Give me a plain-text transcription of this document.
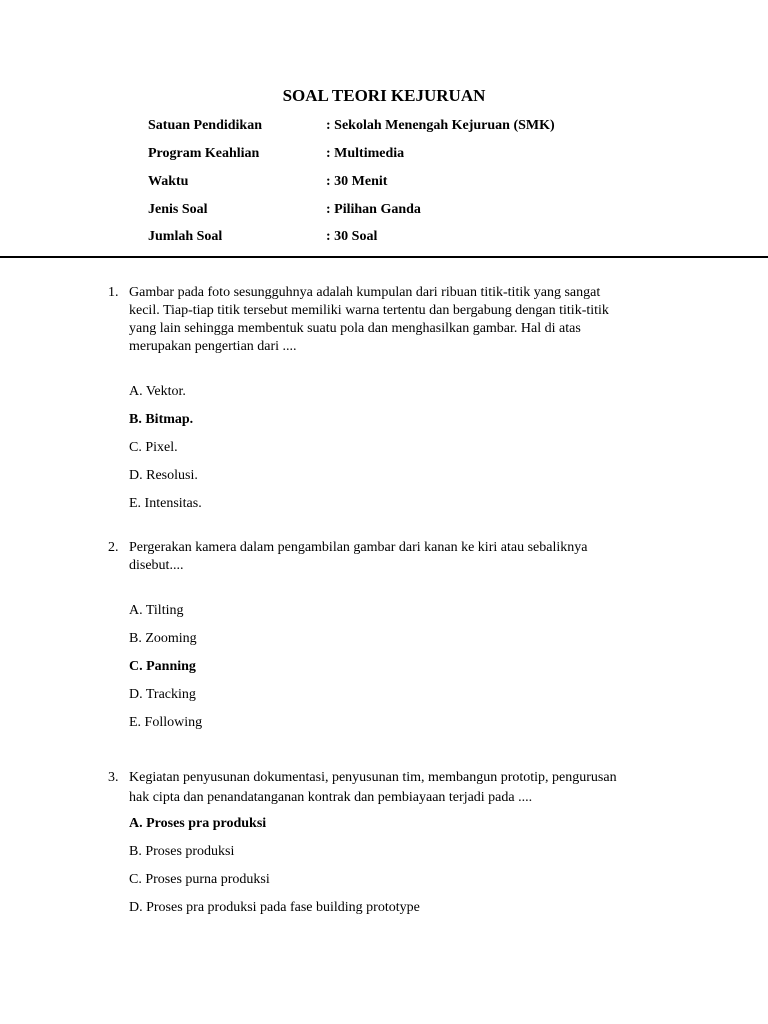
SOAL TEORI KEJURUAN
Satuan Pendidikan	: Sekolah Menengah Kejuruan (SMK)
Program Keahlian	: Multimedia
Waktu	: 30 Menit
Jenis Soal	: Pilihan Ganda
Jumlah Soal	: 30 Soal
1. Gambar pada foto sesungguhnya adalah kumpulan dari ribuan titik-titik yang sangat
kecil. Tiap-tiap titik tersebut memiliki warna tertentu dan bergabung dengan titik-titik
yang lain sehingga membentuk suatu pola dan menghasilkan gambar. Hal di atas
merupakan pengertian dari ....
A. Vektor.
B. Bitmap.
C. Pixel.
D. Resolusi.
E. Intensitas.
2. Pergerakan kamera dalam pengambilan gambar dari kanan ke kiri atau sebaliknya
disebut....
A. Tilting
B. Zooming
C. Panning
D. Tracking
E. Following
3. Kegiatan penyusunan dokumentasi, penyusunan tim, membangun prototip, pengurusan
hak cipta dan penandatanganan kontrak dan pembiayaan terjadi pada ....
A. Proses pra produksi
B. Proses produksi
C. Proses purna produksi
D. Proses pra produksi pada fase building prototype
